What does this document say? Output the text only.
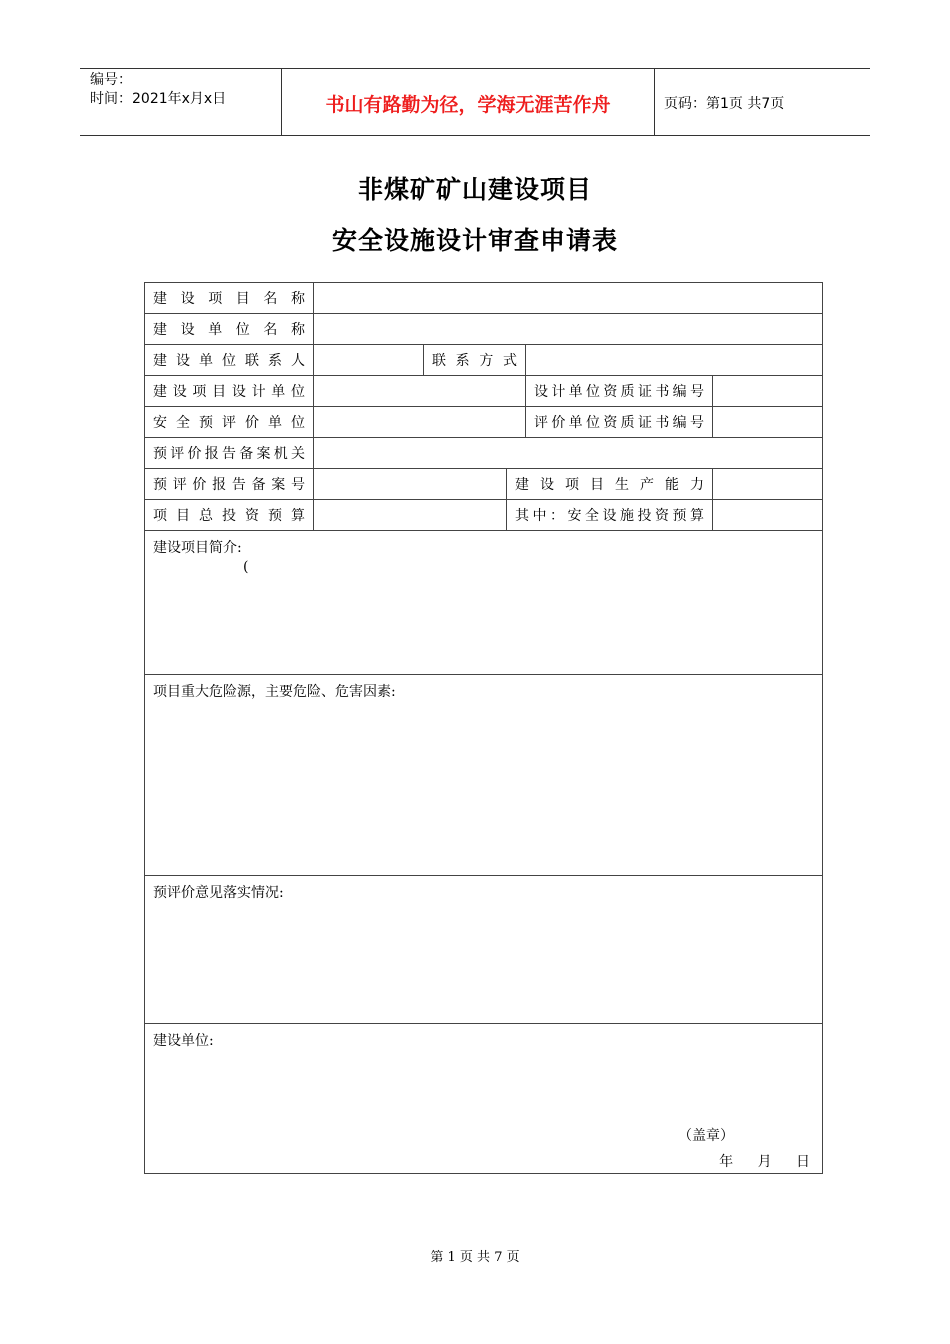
编号：
时间：2021年x月x日	书山有路勤为径，学海无涯苦作舟	页码：第1页 共7页
非煤矿矿山建设项目
安全设施设计审查申请表
建设项目名称					
建设单位名称					
建设单位联系人		联系方式			
建设项目设计单位				设计单位资质证书编号	
安全预评价单位				评价单位资质证书编号	
预评价报告备案机关					
预评价报告备案号			建设项目生产能力		
项目总投资预算			其中：安全设施投资预算		

建设项目简介:
(					

项目重大危险源，主要危险、危害因素:					

预评价意见落实情况:					

建设单位:
（盖章）
年 月 日					
第 1 页 共 7 页
